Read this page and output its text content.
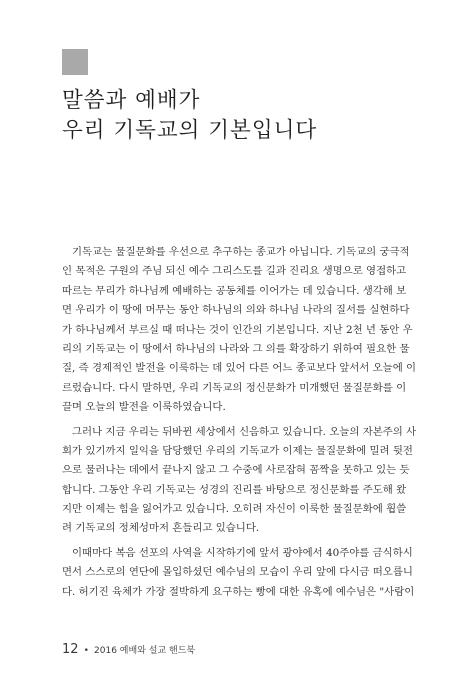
말씀과 예배가
우리 기독교의 기본입니다
기독교는 물질문화를 우선으로 추구하는 종교가 아닙니다. 기독교의 궁극적
인 목적은 구원의 주님 되신 예수 그리스도를 길과 진리요 생명으로 영접하고
따르는 무리가 하나님께 예배하는 공동체를 이어가는 데 있습니다. 생각해 보
면 우리가 이 땅에 머무는 동안 하나님의 의와 하나님 나라의 질서를 실현하다
가 하나님께서 부르실 때 떠나는 것이 인간의 기본입니다. 지난 2천 년 동안 우
리의 기독교는 이 땅에서 하나님의 나라와 그 의를 확장하기 위하여 필요한 물
질, 즉 경제적인 발전을 이룩하는 데 있어 다른 어느 종교보다 앞서서 오늘에 이
르렀습니다. 다시 말하면, 우리 기독교의 정신문화가 미개했던 물질문화를 이
끌며 오늘의 발전을 이룩하였습니다.
그러나 지금 우리는 뒤바뀐 세상에서 신음하고 있습니다. 오늘의 자본주의 사
회가 있기까지 일익을 담당했던 우리의 기독교가 이제는 물질문화에 밀려 뒷전
으로 물러나는 데에서 끝나지 않고 그 수중에 사로잡혀 꼼짝을 못하고 있는 듯
합니다. 그동안 우리 기독교는 성경의 진리를 바탕으로 정신문화를 주도해 왔
지만 이제는 힘을 잃어가고 있습니다. 오히려 자신이 이룩한 물질문화에 휩쓸
려 기독교의 정체성마저 흔들리고 있습니다.
이때마다 복음 선포의 사역을 시작하기에 앞서 광야에서 40주야를 금식하시
면서 스스로의 연단에 몰입하셨던 예수님의 모습이 우리 앞에 다시금 떠오릅니
다. 허기진 육체가 가장 절박하게 요구하는 빵에 대한 유혹에 예수님은 "사람이
12 • 2016 예배와 설교 핸드북
